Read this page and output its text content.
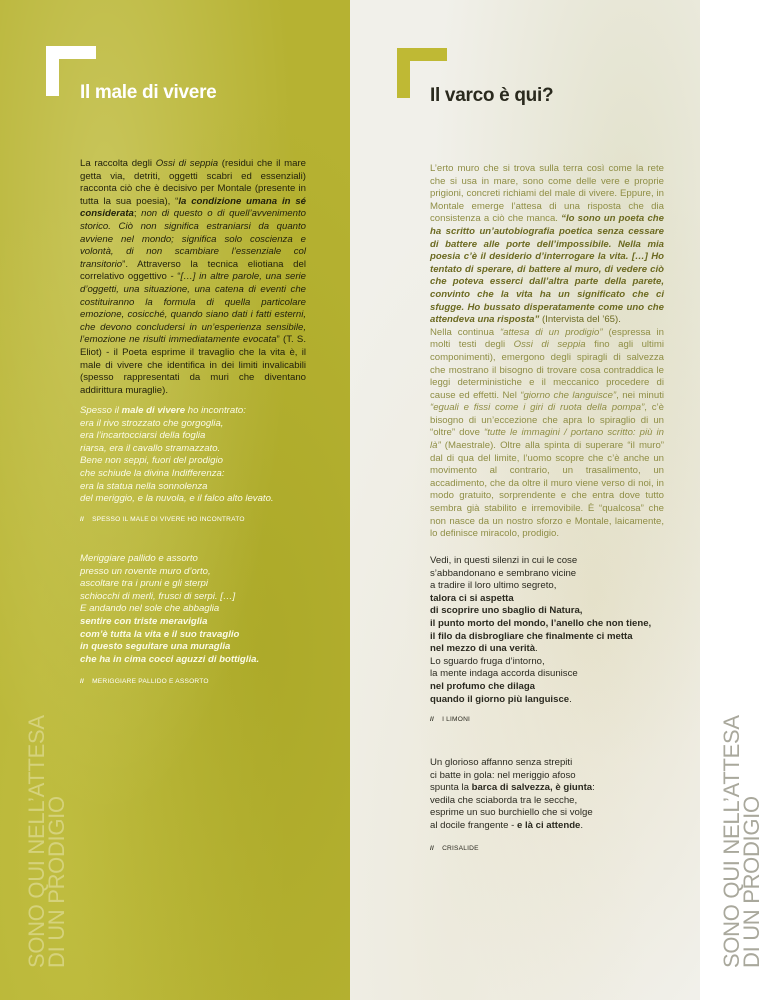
Il male di vivere
La raccolta degli Ossi di seppia (residui che il mare getta via, detriti, oggetti scabri ed essenziali) racconta ciò che è decisivo per Montale (presente in tutta la sua poesia), “la condizione umana in sé considerata; non di questo o di quell’avvenimento storico. Ciò non significa estraniarsi da quanto avviene nel mondo; significa solo coscienza e volontà, di non scambiare l’essenziale col transitorio”. Attraverso la tecnica eliotiana del correlativo oggettivo - “[…] in altre parole, una serie d’oggetti, una situazione, una catena di eventi che costituiranno la formula di quella particolare emozione, cosicché, quando siano dati i fatti esterni, che devono concludersi in un’esperienza sensibile, l’emozione ne risulti immediatamente evocata” (T. S. Eliot) - il Poeta esprime il travaglio che la vita è, il male di vivere che identifica in dei limiti invalicabili (spesso rappresentati da muri che diventano addirittura muraglie).
Spesso il male di vivere ho incontrato:
era il rivo strozzato che gorgoglia,
era l’incartocciarsi della foglia
riarsa, era il cavallo stramazzato.
Bene non seppi, fuori del prodigio
che schiude la divina Indifferenza:
era la statua nella sonnolenza
del meriggio, e la nuvola, e il falco alto levato.
// SPESSO IL MALE DI VIVERE HO INCONTRATO
Meriggiare pallido e assorto
presso un rovente muro d’orto,
ascoltare tra i pruni e gli sterpi
schiocchi di merli, frusci di serpi. […]
E andando nel sole che abbaglia
sentire con triste meraviglia
com’è tutta la vita e il suo travaglio
in questo seguitare una muraglia
che ha in cima cocci aguzzi di bottiglia.
// MERIGGIARE PALLIDO E ASSORTO
SONO QUI NELL’ATTESA
DI UN PRODIGIO
Il varco è qui?
L’erto muro che si trova sulla terra così come la rete che si usa in mare, sono come delle vere e proprie prigioni, concreti richiami del male di vivere. Eppure, in Montale emerge l’attesa di una risposta che dia consistenza a ciò che manca. “Io sono un poeta che ha scritto un’autobiografia poetica senza cessare di battere alle porte dell’impossibile. Nella mia poesia c’è il desiderio d’interrogare la vita. […] Ho tentato di sperare, di battere al muro, di vedere ciò che poteva esserci dall’altra parte della parete, convinto che la vita ha un significato che ci sfugge. Ho bussato disperatamente come uno che attendeva una risposta” (Intervista del ’65).
Nella continua “attesa di un prodigio” (espressa in molti testi degli Ossi di seppia fino agli ultimi componimenti), emergono degli spiragli di salvezza che mostrano il bisogno di trovare cosa contraddica le leggi deterministiche e il meccanico procedere di cause ed effetti. Nel “giorno che languisce”, nei minuti “eguali e fissi come i giri di ruota della pompa”, c’è bisogno di un’eccezione che apra lo spiraglio di un “oltre” dove “tutte le immagini / portano scritto: più in là” (Maestrale). Oltre alla spinta di superare “il muro” dal di qua del limite, l’uomo scopre che c’è anche un movimento al contrario, un trasalimento, un accadimento, che da oltre il muro viene verso di noi, in modo gratuito, sorprendente e che entra dove tutto sembra già stabilito e irremovibile. È “qualcosa” che non nasce da un nostro sforzo e Montale, laicamente, lo definisce miracolo, prodigio.
Vedi, in questi silenzi in cui le cose
s’abbandonano e sembrano vicine
a tradire il loro ultimo segreto,
talora ci si aspetta
di scoprire uno sbaglio di Natura,
il punto morto del mondo, l’anello che non tiene,
il filo da disbrogliare che finalmente ci metta
nel mezzo di una verità.
Lo sguardo fruga d’intorno,
la mente indaga accorda disunisce
nel profumo che dilaga
quando il giorno più languisce.
// I LIMONI
Un glorioso affanno senza strepiti
ci batte in gola: nel meriggio afoso
spunta la barca di salvezza, è giunta:
vedila che sciaborda tra le secche,
esprime un suo burchiello che si volge
al docile frangente - e là ci attende.
// CRISALIDE	SONO QUI NELL’ATTESA
DI UN PRODIGIO
